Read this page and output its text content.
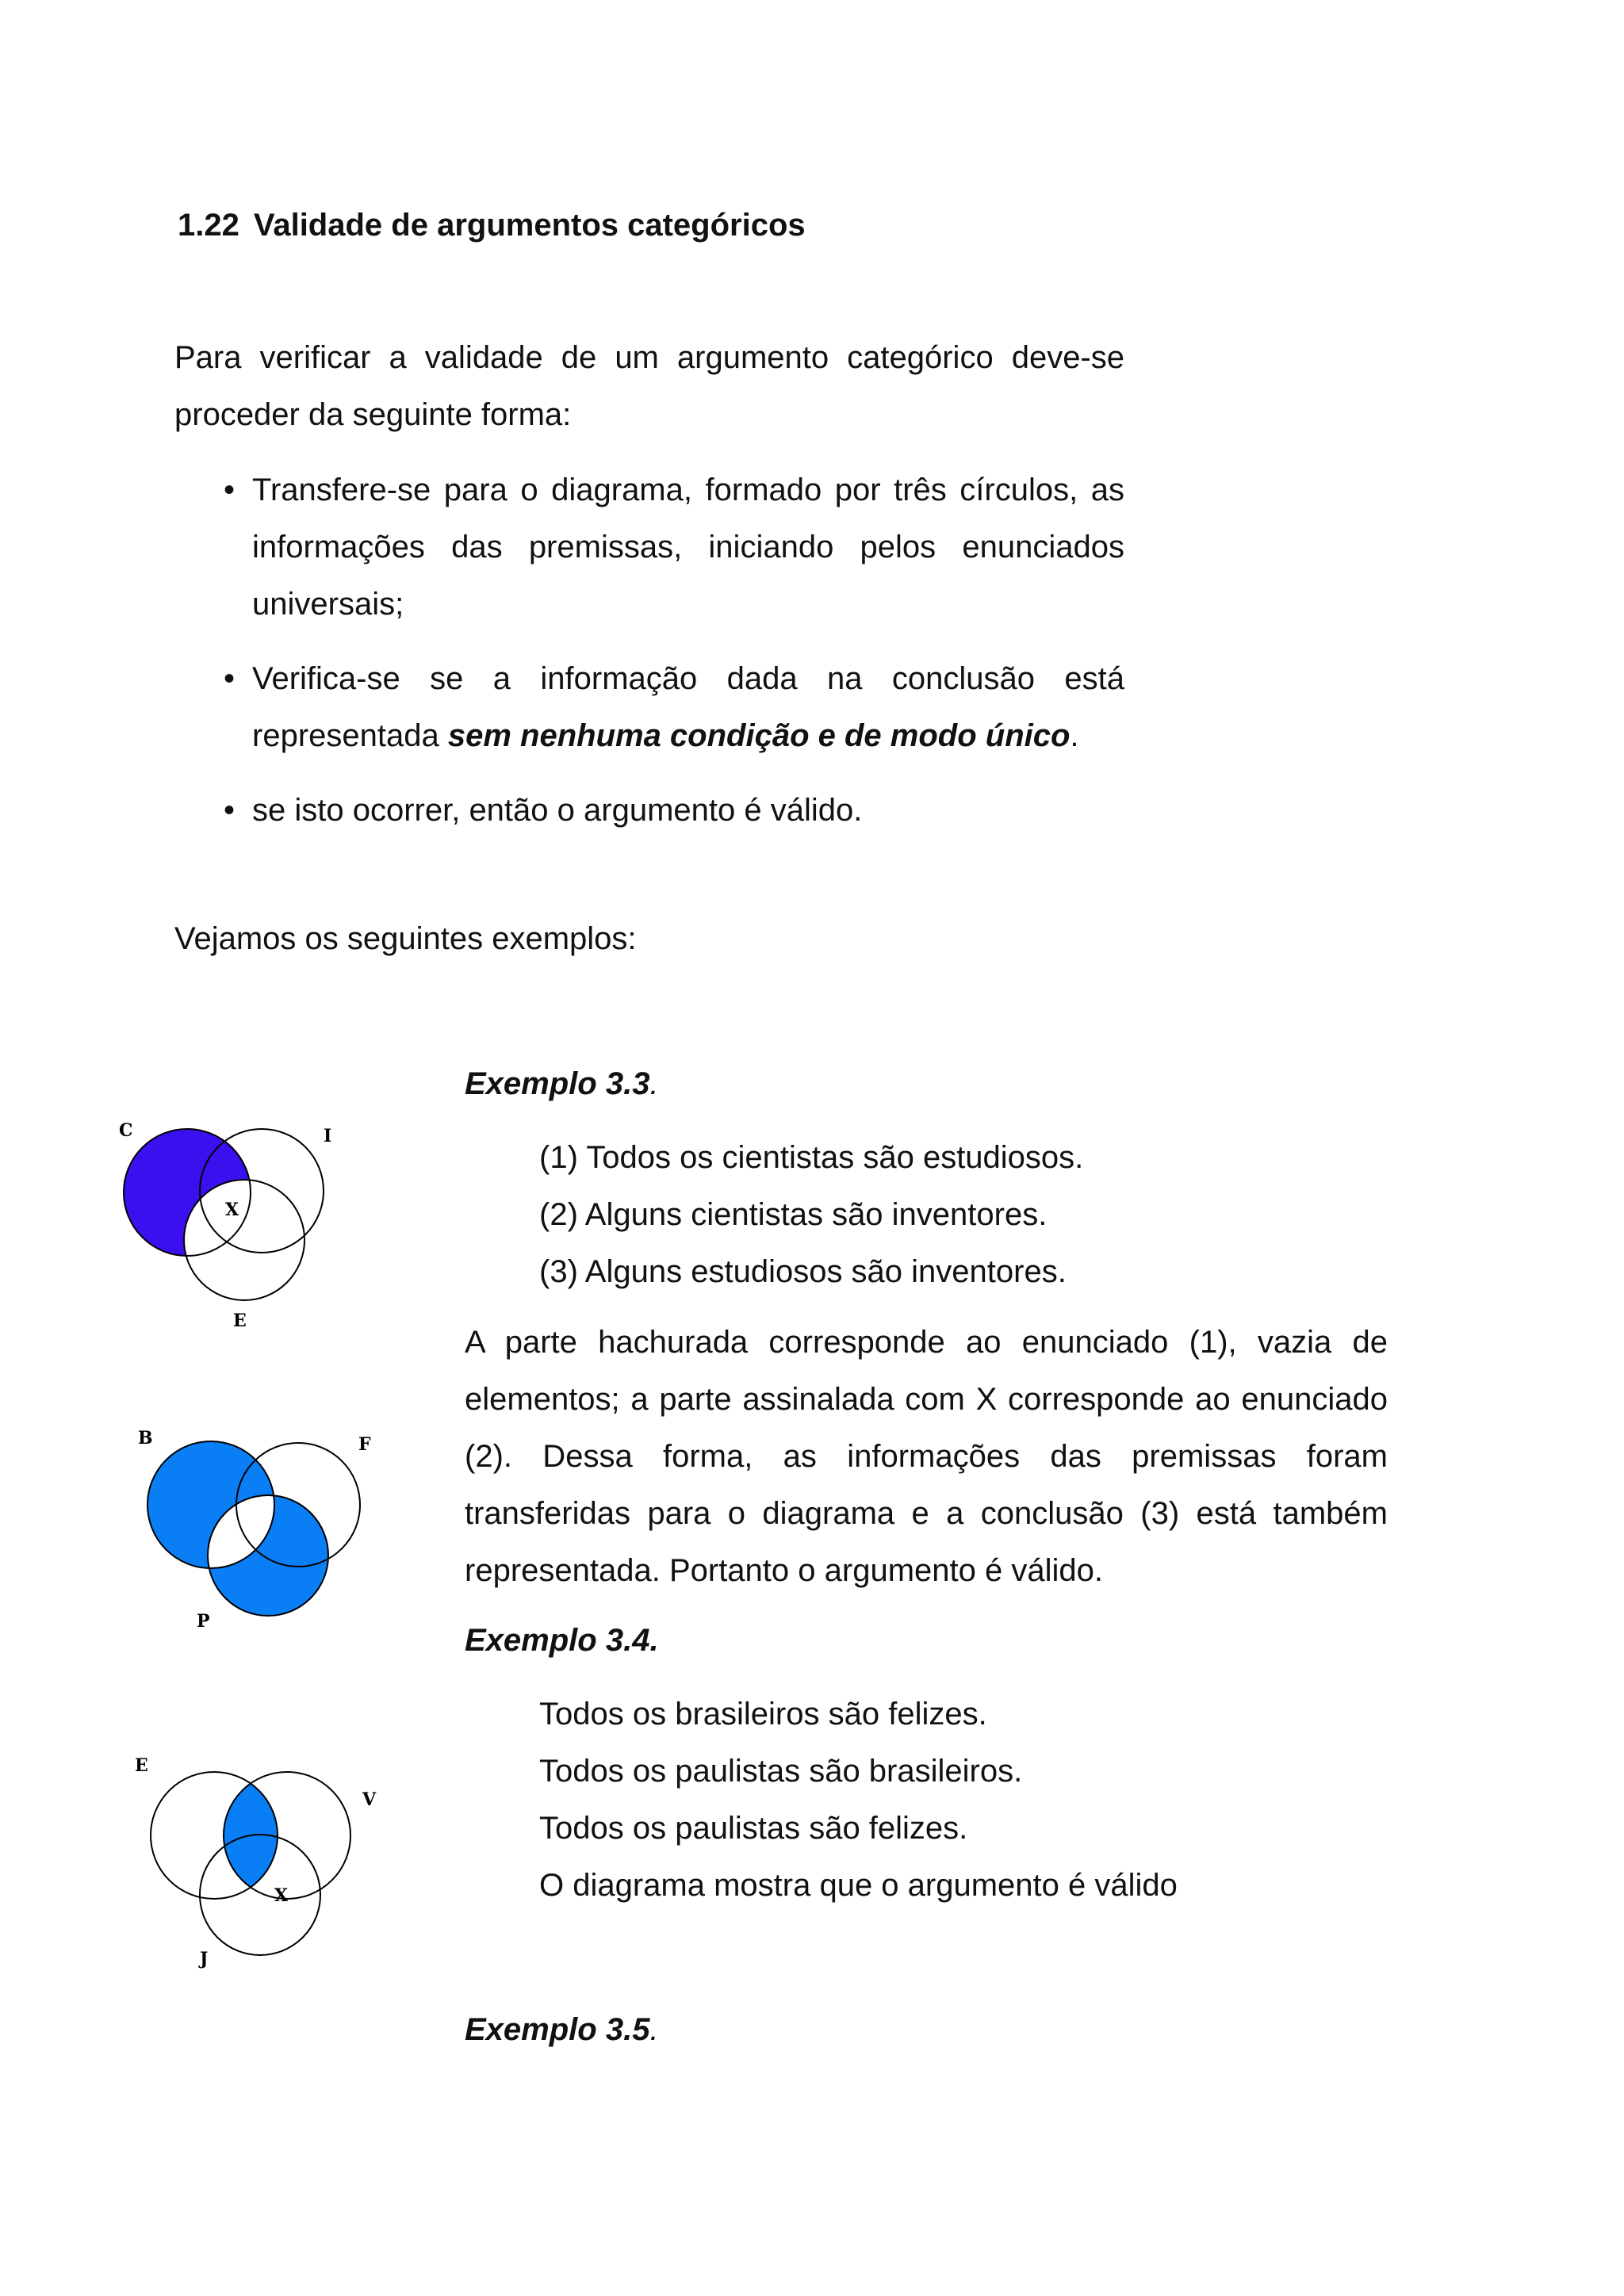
1.22 Validade de argumentos categóricos
Para verificar a validade de um argumento categórico deve-se proceder da seguinte forma:
• Transfere-se para o diagrama, formado por três círculos, as informações das premissas, iniciando pelos enunciados universais;
• Verifica-se se a informação dada na conclusão está representada sem nenhuma condição e de modo único.
• se isto ocorrer, então o argumento é válido.
Vejamos os seguintes exemplos:
Exemplo 3.3.
(1) Todos os cientistas são estudiosos.
(2) Alguns cientistas são inventores.
(3) Alguns estudiosos são inventores.
A parte hachurada corresponde ao enunciado (1), vazia de elementos; a parte assinalada com X corresponde ao enunciado (2). Dessa forma, as informações das premissas foram transferidas para o diagrama e a conclusão (3) está também representada. Portanto o argumento é válido.
Exemplo 3.4.
Todos os brasileiros são felizes.
Todos os paulistas são brasileiros.
Todos os paulistas são felizes.
O diagrama mostra que o argumento é válido
Exemplo 3.5.
C	I
E
X
B	F
P
E
V
J
X
